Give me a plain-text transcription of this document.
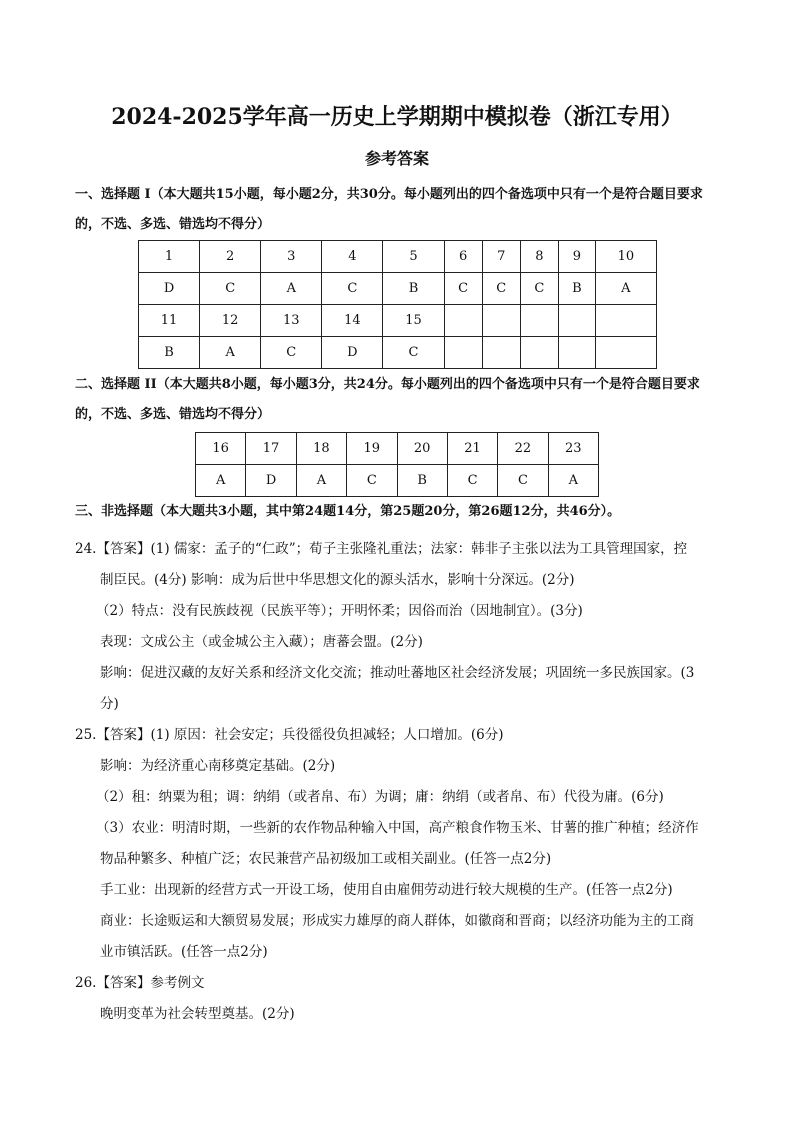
2024-2025学年高一历史上学期期中模拟卷（浙江专用）
参考答案
一、选择题 I（本大题共15小题，每小题2分，共30分。每小题列出的四个备选项中只有一个是符合题目要求的，不选、多选、错选均不得分）
1	2	3	4	5	6	7	8	9	10
D	C	A	C	B	C	C	C	B	A
11	12	13	14	15					
B	A	C	D	C					
二、选择题 II（本大题共8小题，每小题3分，共24分。每小题列出的四个备选项中只有一个是符合题目要求的，不选、多选、错选均不得分）
16	17	18	19	20	21	22	23
A	D	A	C	B	C	C	A
三、非选择题（本大题共3小题，其中第24题14分，第25题20分，第26题12分，共46分）。
24.【答案】(1) 儒家：孟子的“仁政”；荀子主张隆礼重法；法家：韩非子主张以法为工具管理国家，控
制臣民。(4分) 影响：成为后世中华思想文化的源头活水，影响十分深远。(2分)
（2）特点：没有民族歧视（民族平等）；开明怀柔；因俗而治（因地制宜）。(3分)
表现：文成公主（或金城公主入藏）；唐蕃会盟。(2分)
影响：促进汉藏的友好关系和经济文化交流；推动吐蕃地区社会经济发展；巩固统一多民族国家。(3
分)
25.【答案】(1) 原因：社会安定；兵役徭役负担减轻；人口增加。(6分)
影响：为经济重心南移奠定基础。(2分)
（2）租：纳粟为租；调：纳绢（或者帛、布）为调；庸：纳绢（或者帛、布）代役为庸。(6分)
（3）农业：明清时期，一些新的农作物品种输入中国，高产粮食作物玉米、甘薯的推广种植；经济作
物品种繁多、种植广泛；农民兼营产品初级加工或相关副业。(任答一点2分)
手工业：出现新的经营方式一开设工场，使用自由雇佣劳动进行较大规模的生产。(任答一点2分)
商业：长途贩运和大额贸易发展；形成实力雄厚的商人群体，如徽商和晋商；以经济功能为主的工商
业市镇活跃。(任答一点2分)
26.【答案】参考例文
晚明变革为社会转型奠基。(2分)
